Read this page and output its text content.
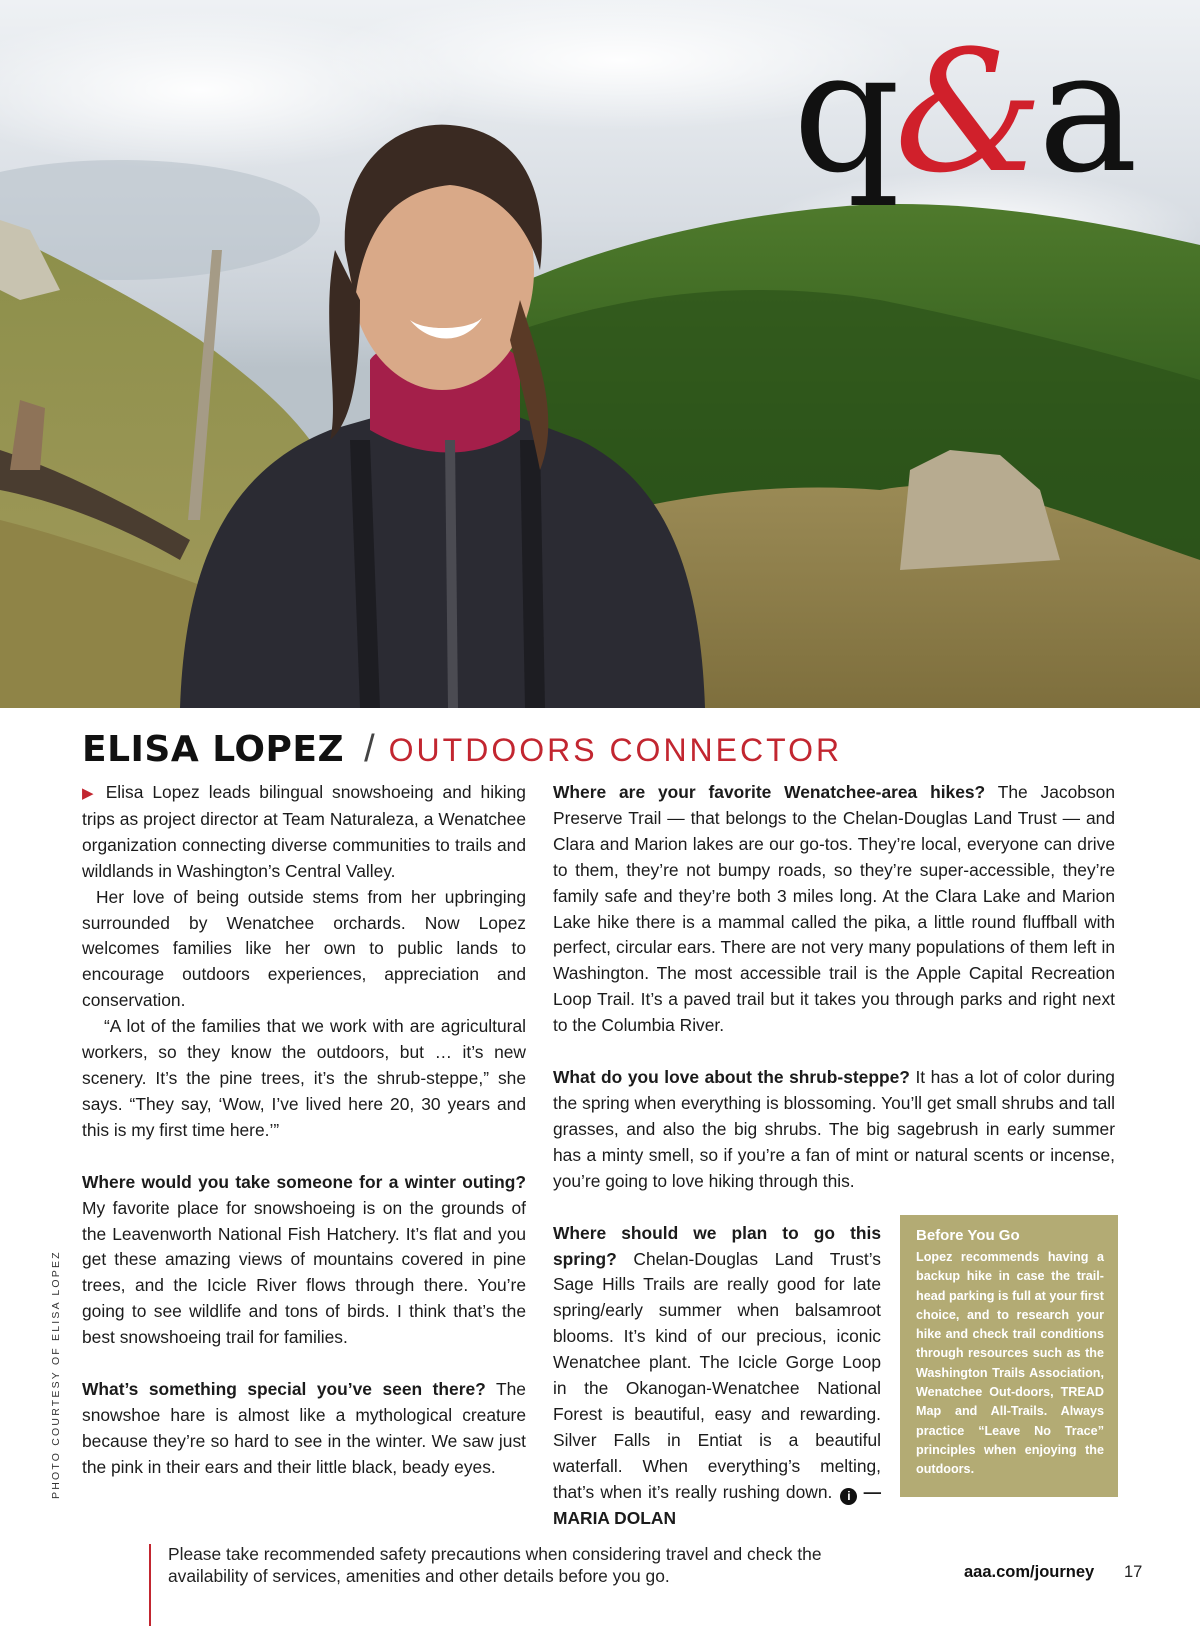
q&a
ELISA LOPEZ / OUTDOORS CONNECTOR

▶ Elisa Lopez leads bilingual snowshoeing and hiking trips as project director at Team Naturaleza, a Wenatchee organization connecting diverse communities to trails and wildlands in Washington’s Central Valley.

Her love of being outside stems from her upbringing surrounded by Wenatchee orchards. Now Lopez welcomes families like her own to public lands to encourage outdoors experiences, appreciation and conservation.

“A lot of the families that we work with are agricultural workers, so they know the outdoors, but … it’s new scenery. It’s the pine trees, it’s the shrub-steppe,” she says. “They say, ‘Wow, I’ve lived here 20, 30 years and this is my first time here.’”

Where would you take someone for a winter outing? My favorite place for snowshoeing is on the grounds of the Leavenworth National Fish Hatchery. It’s flat and you get these amazing views of mountains covered in pine trees, and the Icicle River flows through there. You’re going to see wildlife and tons of birds. I think that’s the best snowshoeing trail for families.

What’s something special you’ve seen there? The snowshoe hare is almost like a mythological creature because they’re so hard to see in the winter. We saw just the pink in their ears and their little black, beady eyes.

Where are your favorite Wenatchee-area hikes? The Jacobson Preserve Trail — that belongs to the Chelan-Douglas Land Trust — and Clara and Marion lakes are our go-tos. They’re local, everyone can drive to them, they’re not bumpy roads, so they’re super-accessible, they’re family safe and they’re both 3 miles long. At the Clara Lake and Marion Lake hike there is a mammal called the pika, a little round fluffball with perfect, circular ears. There are not very many populations of them left in Washington. The most accessible trail is the Apple Capital Recreation Loop Trail. It’s a paved trail but it takes you through parks and right next to the Columbia River.

What do you love about the shrub-steppe? It has a lot of color during the spring when everything is blossoming. You’ll get small shrubs and tall grasses, and also the big shrubs. The big sagebrush in early summer has a minty smell, so if you’re a fan of mint or natural scents or incense, you’re going to love hiking through this.

Where should we plan to go this spring? Chelan-Douglas Land Trust’s Sage Hills Trails are really good for late spring/early summer when balsamroot blooms. It’s kind of our precious, iconic Wenatchee plant. The Icicle Gorge Loop in the Okanogan-Wenatchee National Forest is beautiful, easy and rewarding. Silver Falls in Entiat is a beautiful waterfall. When everything’s melting, that’s when it’s really rushing down. i — MARIA DOLAN

Before You Go
Lopez recommends having a backup hike in case the trail-head parking is full at your first choice, and to research your hike and check trail conditions through resources such as the Washington Trails Association, Wenatchee Out-doors, TREAD Map and All-Trails. Always practice “Leave No Trace” principles when enjoying the outdoors.
PHOTO COURTESY OF ELISA LOPEZ
Please take recommended safety precautions when considering travel and check the availability of services, amenities and other details before you go.	aaa.com/journey 17
